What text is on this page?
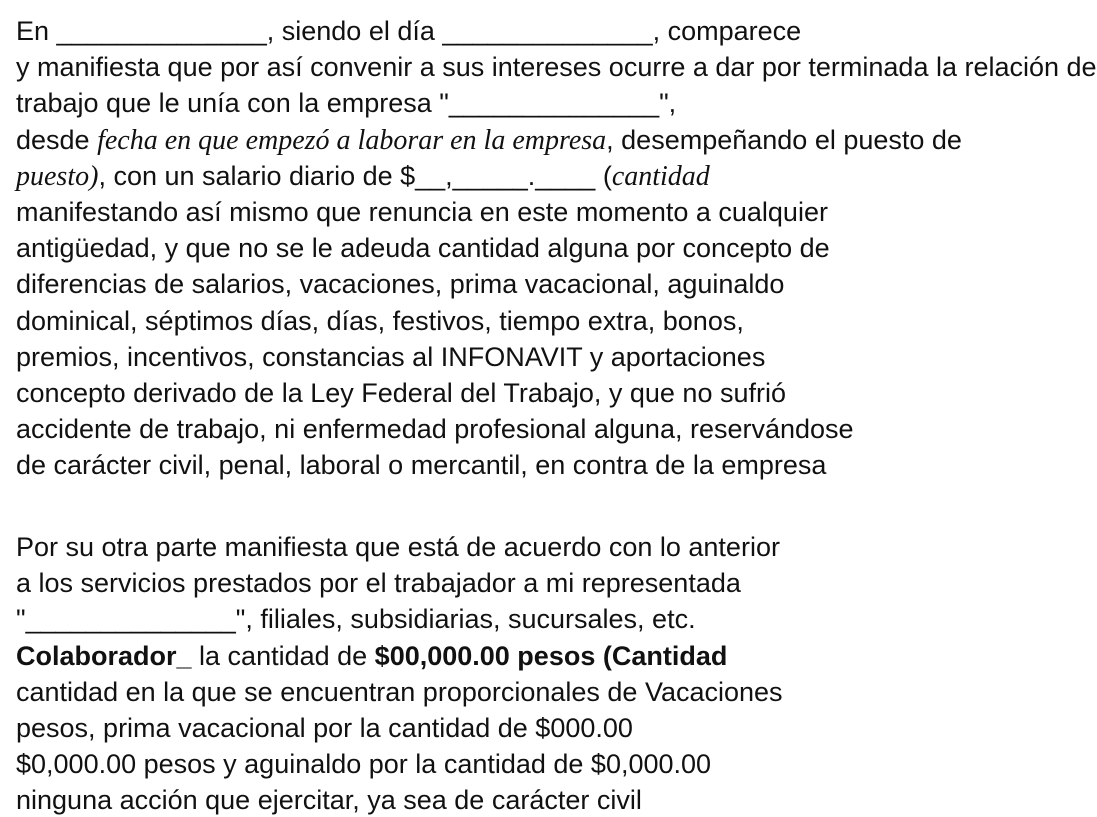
En ______________, siendo el día ______________, comparece
y manifiesta que por así convenir a sus intereses ocurre a dar por terminada la relación de
trabajo que le unía con la empresa "______________",
desde fecha en que empezó a laborar en la empresa, desempeñando el puesto de
puesto), con un salario diario de $__,_____.____ (cantidad
manifestando así mismo que renuncia en este momento a cualquier
antigüedad, y que no se le adeuda cantidad alguna por concepto de
diferencias de salarios, vacaciones, prima vacacional, aguinaldo
dominical, séptimos días, días, festivos, tiempo extra, bonos,
premios, incentivos, constancias al INFONAVIT y aportaciones
concepto derivado de la Ley Federal del Trabajo, y que no sufrió
accidente de trabajo, ni enfermedad profesional alguna, reservándose
de carácter civil, penal, laboral o mercantil, en contra de la empresa
Por su otra parte manifiesta que está de acuerdo con lo anterior
a los servicios prestados por el trabajador a mi representada
"______________", filiales, subsidiarias, sucursales, etc.
Colaborador_ la cantidad de $00,000.00 pesos (Cantidad
cantidad en la que se encuentran proporcionales de Vacaciones
pesos, prima vacacional por la cantidad de $000.00
$0,000.00 pesos y aguinaldo por la cantidad de $0,000.00
ninguna acción que ejercitar, ya sea de carácter civil
